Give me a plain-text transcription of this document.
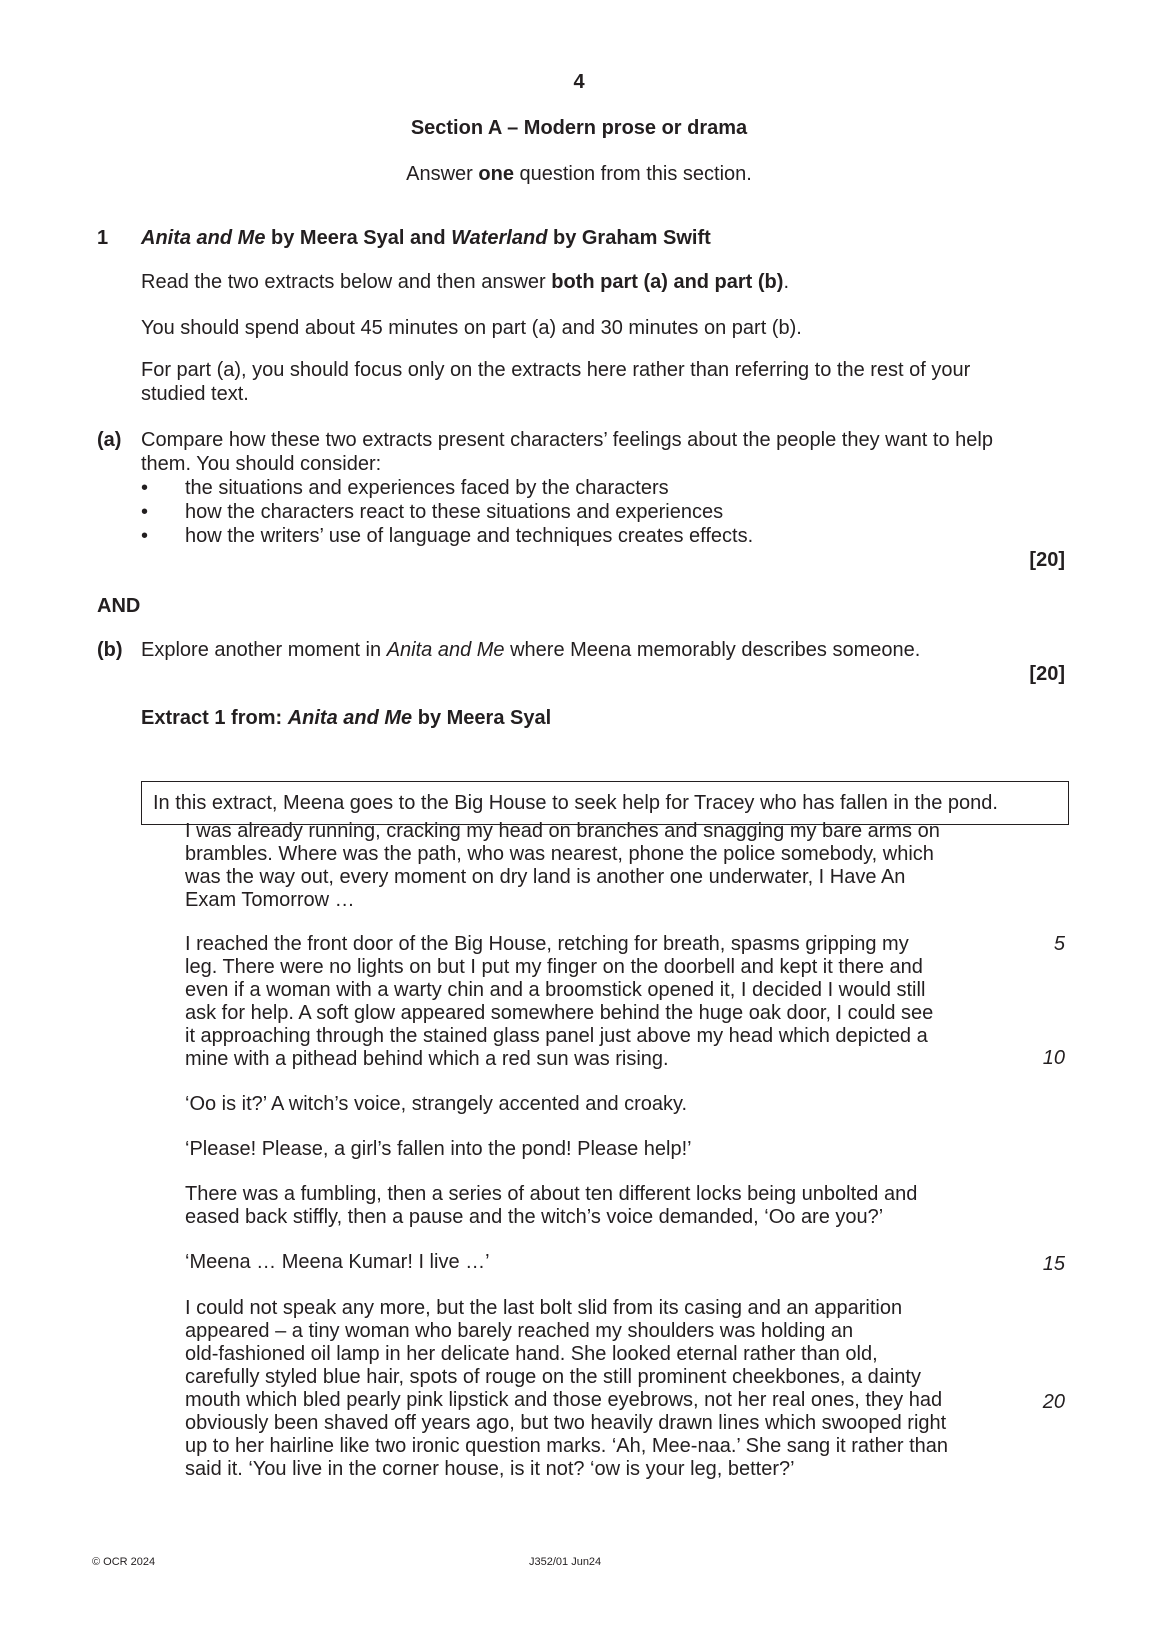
4
Section A – Modern prose or drama
Answer one question from this section.
1 Anita and Me by Meera Syal and Waterland by Graham Swift
Read the two extracts below and then answer both part (a) and part (b).
You should spend about 45 minutes on part (a) and 30 minutes on part (b).
For part (a), you should focus only on the extracts here rather than referring to the rest of your
studied text.
(a) Compare how these two extracts present characters’ feelings about the people they want to help
them. You should consider:
• the situations and experiences faced by the characters
• how the characters react to these situations and experiences
• how the writers’ use of language and techniques creates effects.
[20]
AND
(b) Explore another moment in Anita and Me where Meena memorably describes someone.
[20]
Extract 1 from: Anita and Me by Meera Syal
In this extract, Meena goes to the Big House to seek help for Tracey who has fallen in the pond.
I was already running, cracking my head on branches and snagging my bare arms on
brambles. Where was the path, who was nearest, phone the police somebody, which
was the way out, every moment on dry land is another one underwater, I Have An
Exam Tomorrow …
I reached the front door of the Big House, retching for breath, spasms gripping my
leg. There were no lights on but I put my finger on the doorbell and kept it there and
even if a woman with a warty chin and a broomstick opened it, I decided I would still
ask for help. A soft glow appeared somewhere behind the huge oak door, I could see
it approaching through the stained glass panel just above my head which depicted a
mine with a pithead behind which a red sun was rising.
‘Oo is it?’ A witch’s voice, strangely accented and croaky.
‘Please! Please, a girl’s fallen into the pond! Please help!’
There was a fumbling, then a series of about ten different locks being unbolted and
eased back stiffly, then a pause and the witch’s voice demanded, ‘Oo are you?’
‘Meena … Meena Kumar! I live …’
I could not speak any more, but the last bolt slid from its casing and an apparition
appeared – a tiny woman who barely reached my shoulders was holding an
old-fashioned oil lamp in her delicate hand. She looked eternal rather than old,
carefully styled blue hair, spots of rouge on the still prominent cheekbones, a dainty
mouth which bled pearly pink lipstick and those eyebrows, not her real ones, they had
obviously been shaved off years ago, but two heavily drawn lines which swooped right
up to her hairline like two ironic question marks. ‘Ah, Mee-naa.’ She sang it rather than
said it. ‘You live in the corner house, is it not? ‘ow is your leg, better?’
5
10
15
20
© OCR 2024	J352/01 Jun24
